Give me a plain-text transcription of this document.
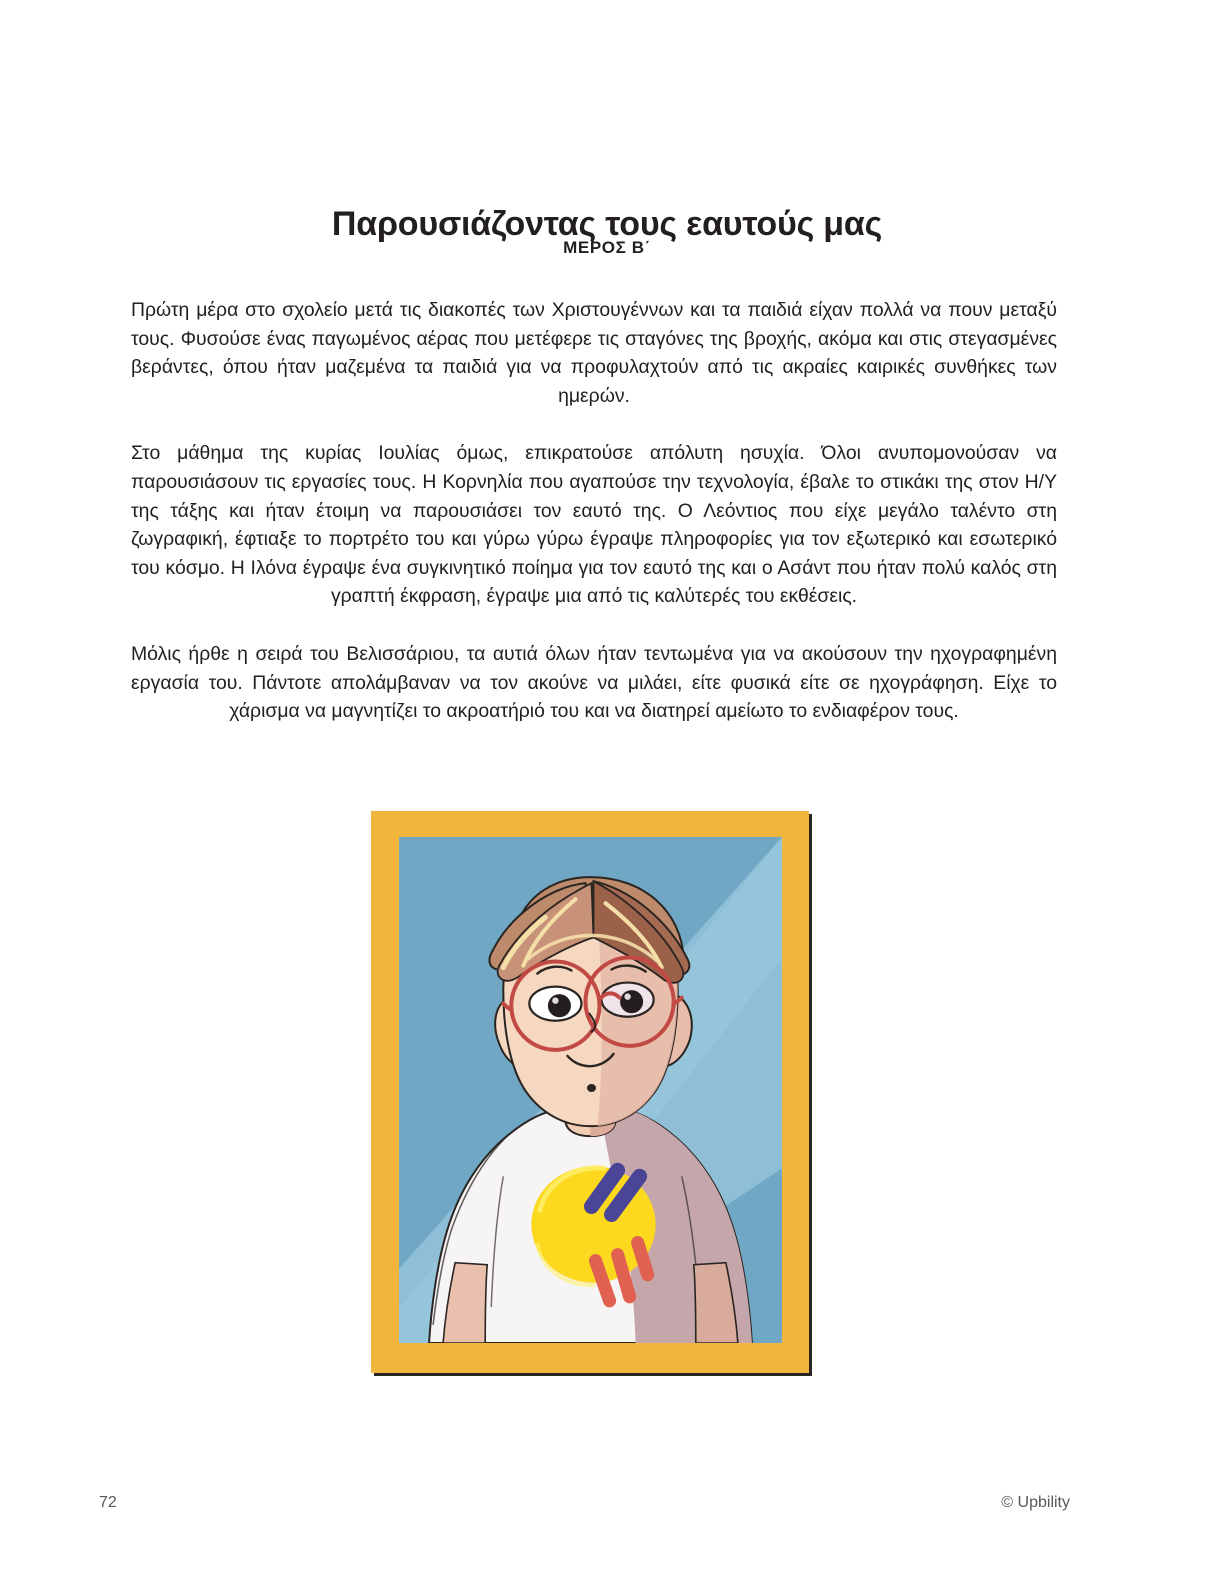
Παρουσιάζοντας τους εαυτούς μας
ΜΕΡΟΣ Β΄

Πρώτη μέρα στο σχολείο μετά τις διακοπές των Χριστουγέννων και τα παιδιά είχαν πολλά να πουν μεταξύ τους. Φυσούσε ένας παγωμένος αέρας που μετέφερε τις σταγόνες της βροχής, ακόμα και στις στεγασμένες βεράντες, όπου ήταν μαζεμένα τα παιδιά για να προφυλαχτούν από τις ακραίες καιρικές συνθήκες των ημερών.

Στο μάθημα της κυρίας Ιουλίας όμως, επικρατούσε απόλυτη ησυχία. Όλοι ανυπομονούσαν να παρουσιάσουν τις εργασίες τους. Η Κορνηλία που αγαπούσε την τεχνολογία, έβαλε το στικάκι της στον Η/Υ της τάξης και ήταν έτοιμη να παρουσιάσει τον εαυτό της. Ο Λεόντιος που είχε μεγάλο ταλέντο στη ζωγραφική, έφτιαξε το πορτρέτο του και γύρω γύρω έγραψε πληροφορίες για τον εξωτερικό και εσωτερικό του κόσμο. Η Ιλόνα έγραψε ένα συγκινητικό ποίημα για τον εαυτό της και ο Ασάντ που ήταν πολύ καλός στη γραπτή έκφραση, έγραψε μια από τις καλύτερές του εκθέσεις.

Μόλις ήρθε η σειρά του Βελισσάριου, τα αυτιά όλων ήταν τεντωμένα για να ακούσουν την ηχογραφημένη εργασία του. Πάντοτε απολάμβαναν να τον ακούνε να μιλάει, είτε φυσικά είτε σε ηχογράφηση. Είχε το χάρισμα να μαγνητίζει το ακροατήριό του και να διατηρεί αμείωτο το ενδιαφέρον τους.

72	© Upbility
